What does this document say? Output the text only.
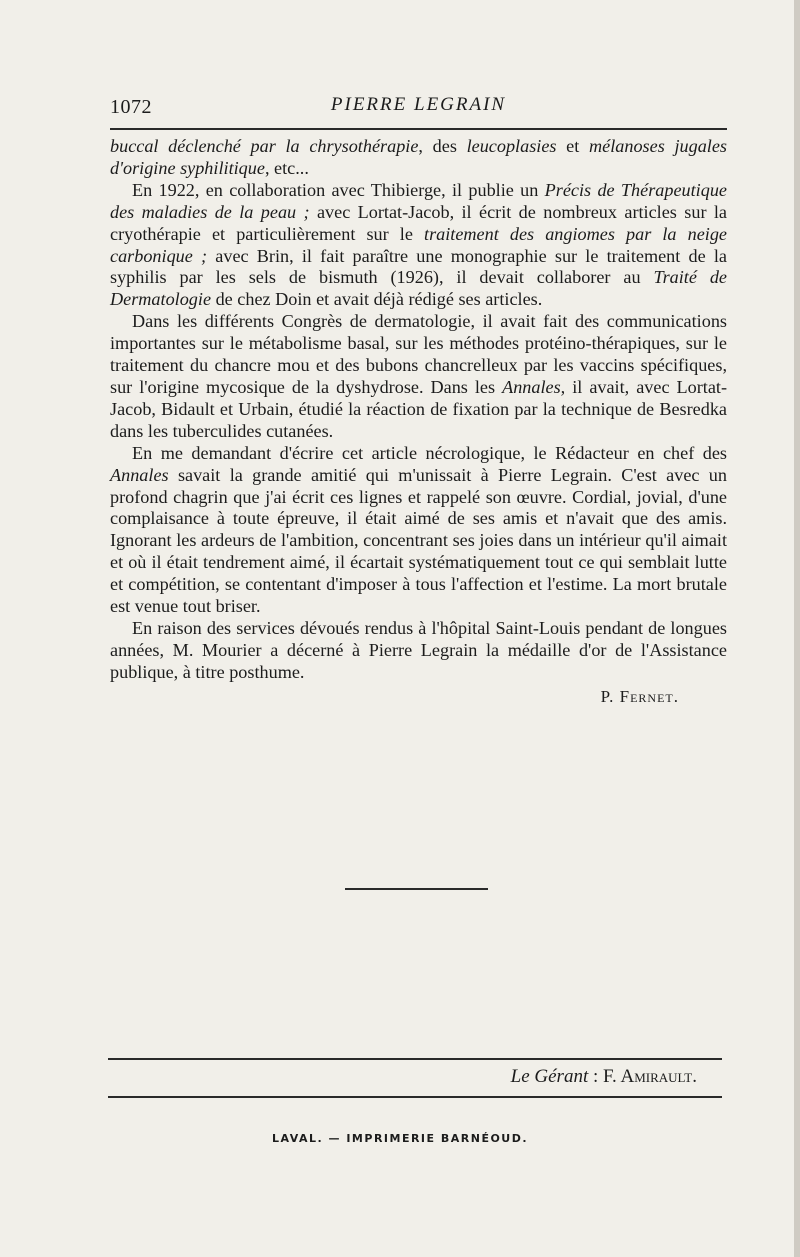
1072	PIERRE LEGRAIN

buccal déclenché par la chrysothérapie, des leucoplasies et mélanoses jugales d'origine syphilitique, etc...

En 1922, en collaboration avec Thibierge, il publie un Précis de Thérapeutique des maladies de la peau ; avec Lortat-Jacob, il écrit de nombreux articles sur la cryothérapie et particulièrement sur le traitement des angiomes par la neige carbonique ; avec Brin, il fait paraître une monographie sur le traitement de la syphilis par les sels de bismuth (1926), il devait collaborer au Traité de Dermatologie de chez Doin et avait déjà rédigé ses articles.

Dans les différents Congrès de dermatologie, il avait fait des communications importantes sur le métabolisme basal, sur les méthodes protéino-thérapiques, sur le traitement du chancre mou et des bubons chancrelleux par les vaccins spécifiques, sur l'origine mycosique de la dyshydrose. Dans les Annales, il avait, avec Lortat-Jacob, Bidault et Urbain, étudié la réaction de fixation par la technique de Besredka dans les tuberculides cutanées.

En me demandant d'écrire cet article nécrologique, le Rédacteur en chef des Annales savait la grande amitié qui m'unissait à Pierre Legrain. C'est avec un profond chagrin que j'ai écrit ces lignes et rappelé son œuvre. Cordial, jovial, d'une complaisance à toute épreuve, il était aimé de ses amis et n'avait que des amis. Ignorant les ardeurs de l'ambition, concentrant ses joies dans un intérieur qu'il aimait et où il était tendrement aimé, il écartait systématiquement tout ce qui semblait lutte et compétition, se contentant d'imposer à tous l'affection et l'estime. La mort brutale est venue tout briser.

En raison des services dévoués rendus à l'hôpital Saint-Louis pendant de longues années, M. Mourier a décerné à Pierre Legrain la médaille d'or de l'Assistance publique, à titre posthume.

P. Fernet.
Le Gérant : F. Amirault.
LAVAL. — IMPRIMERIE BARNÉOUD.
